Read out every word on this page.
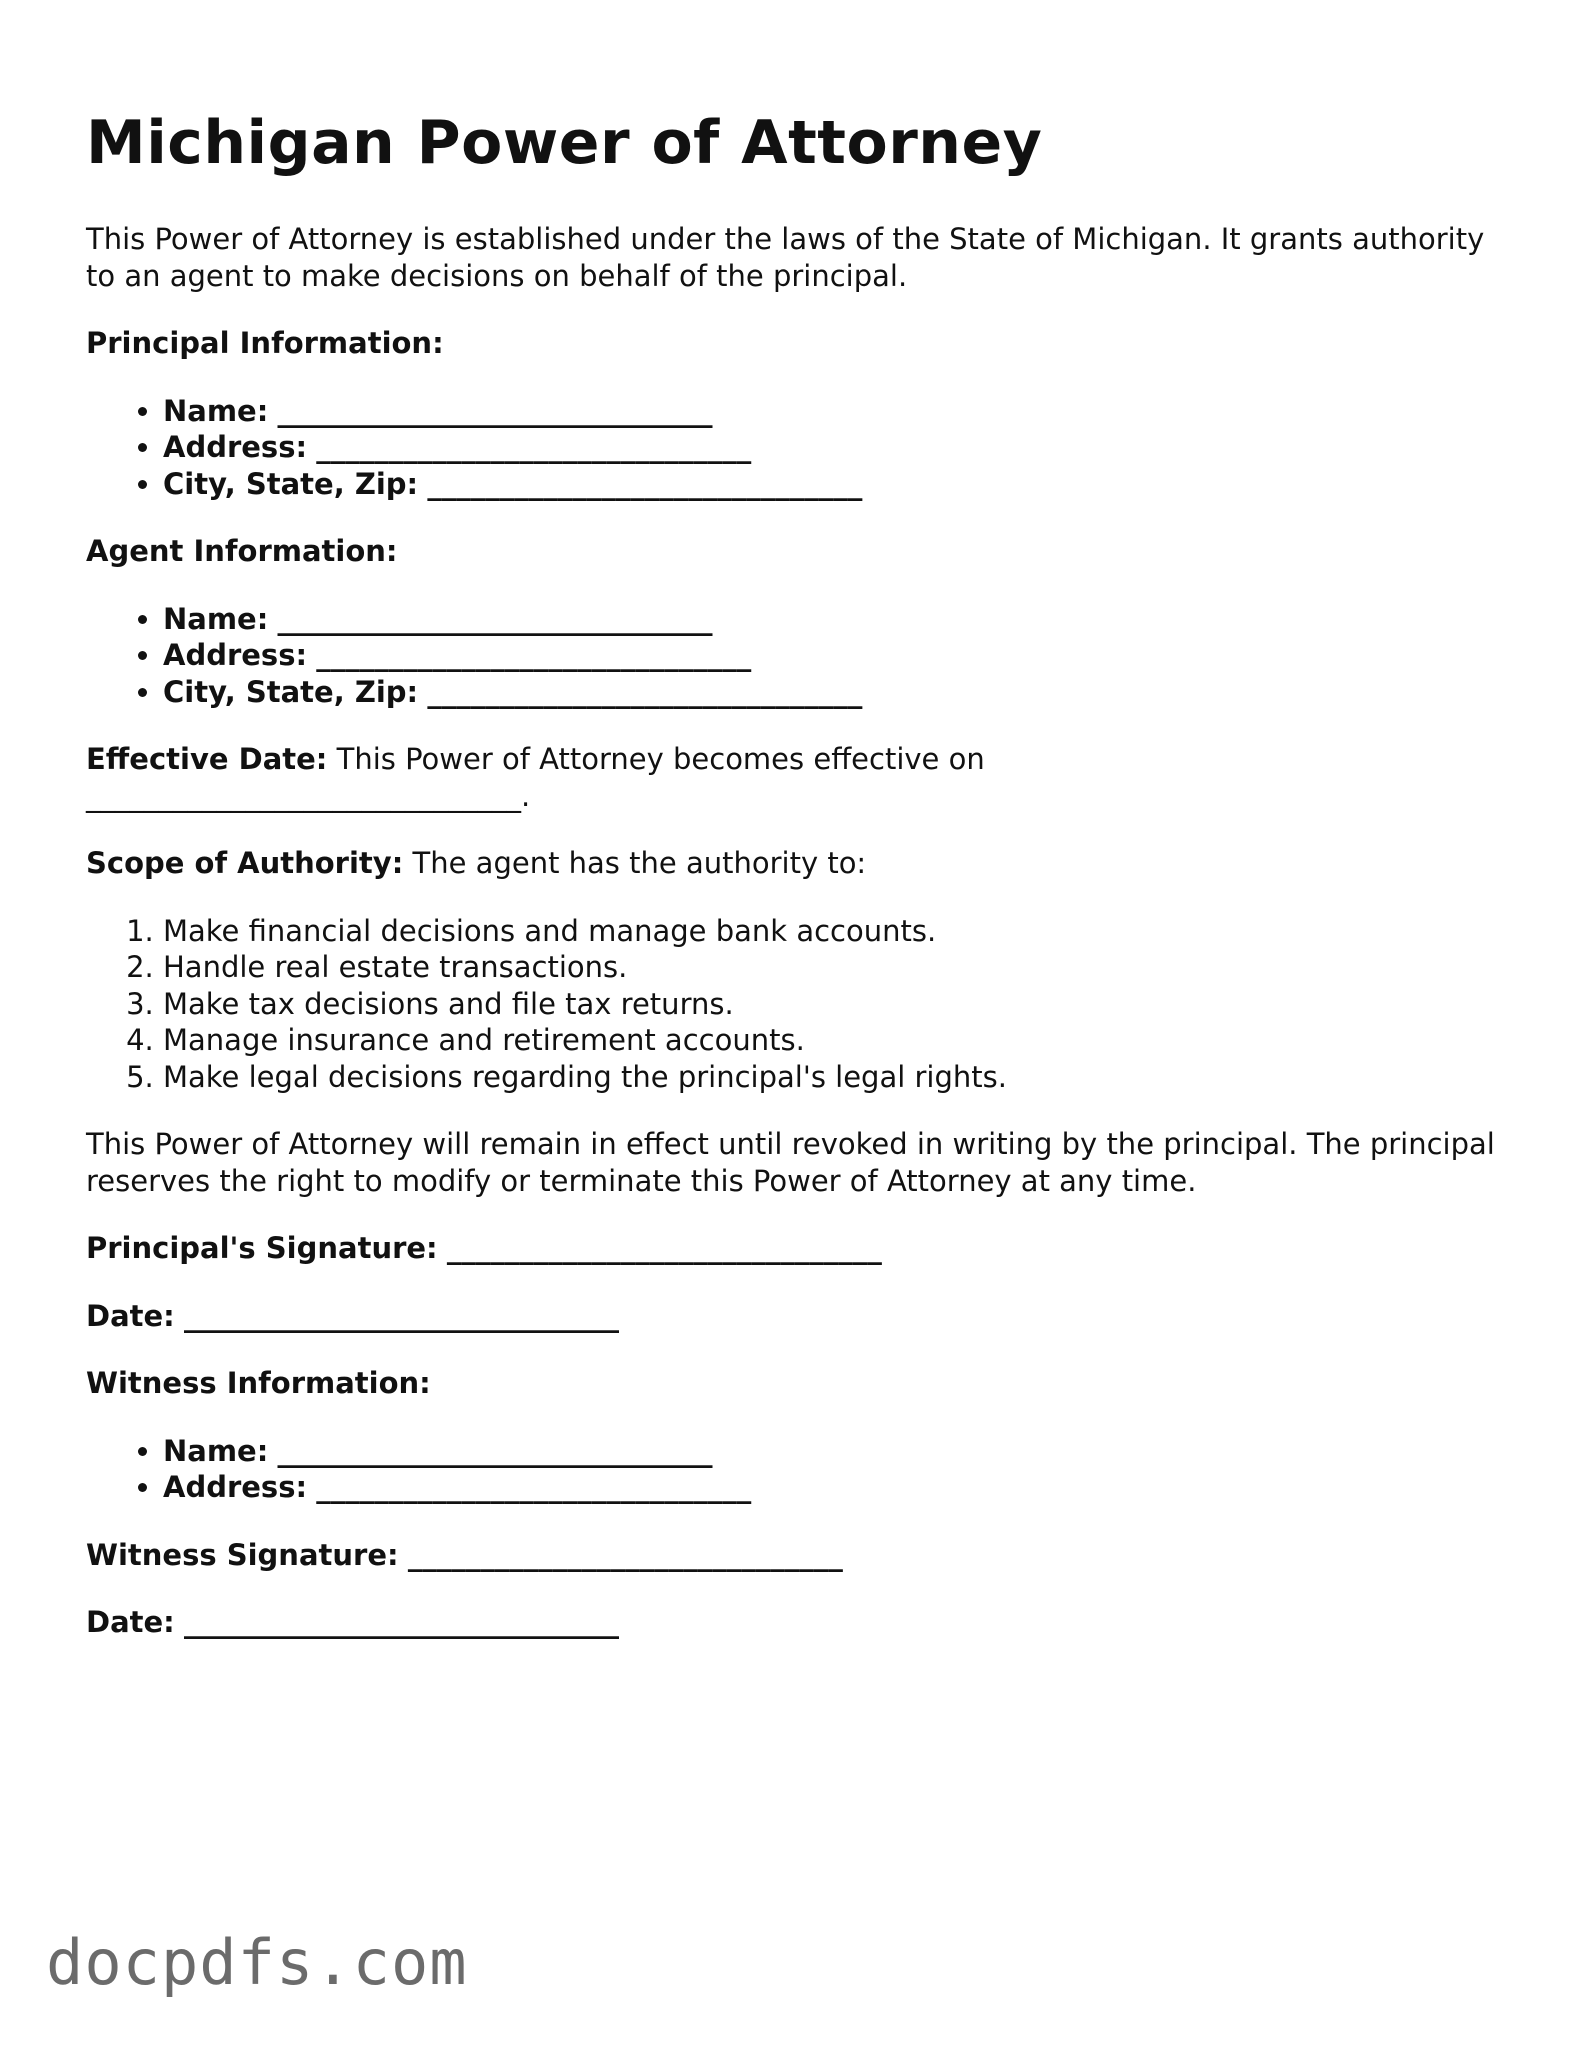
Michigan Power of Attorney

This Power of Attorney is established under the laws of the State of Michigan. It grants authority to an agent to make decisions on behalf of the principal.

Principal Information:

• Name: ______________________________
• Address: ______________________________
• City, State, Zip: ______________________________

Agent Information:

• Name: ______________________________
• Address: ______________________________
• City, State, Zip: ______________________________

Effective Date: This Power of Attorney becomes effective on
______________________________.

Scope of Authority: The agent has the authority to:

1. Make financial decisions and manage bank accounts.
2. Handle real estate transactions.
3. Make tax decisions and file tax returns.
4. Manage insurance and retirement accounts.
5. Make legal decisions regarding the principal's legal rights.

This Power of Attorney will remain in effect until revoked in writing by the principal. The principal reserves the right to modify or terminate this Power of Attorney at any time.

Principal's Signature: ______________________________

Date: ______________________________

Witness Information:

• Name: ______________________________
• Address: ______________________________

Witness Signature: ______________________________

Date: ______________________________

docpdfs.com
